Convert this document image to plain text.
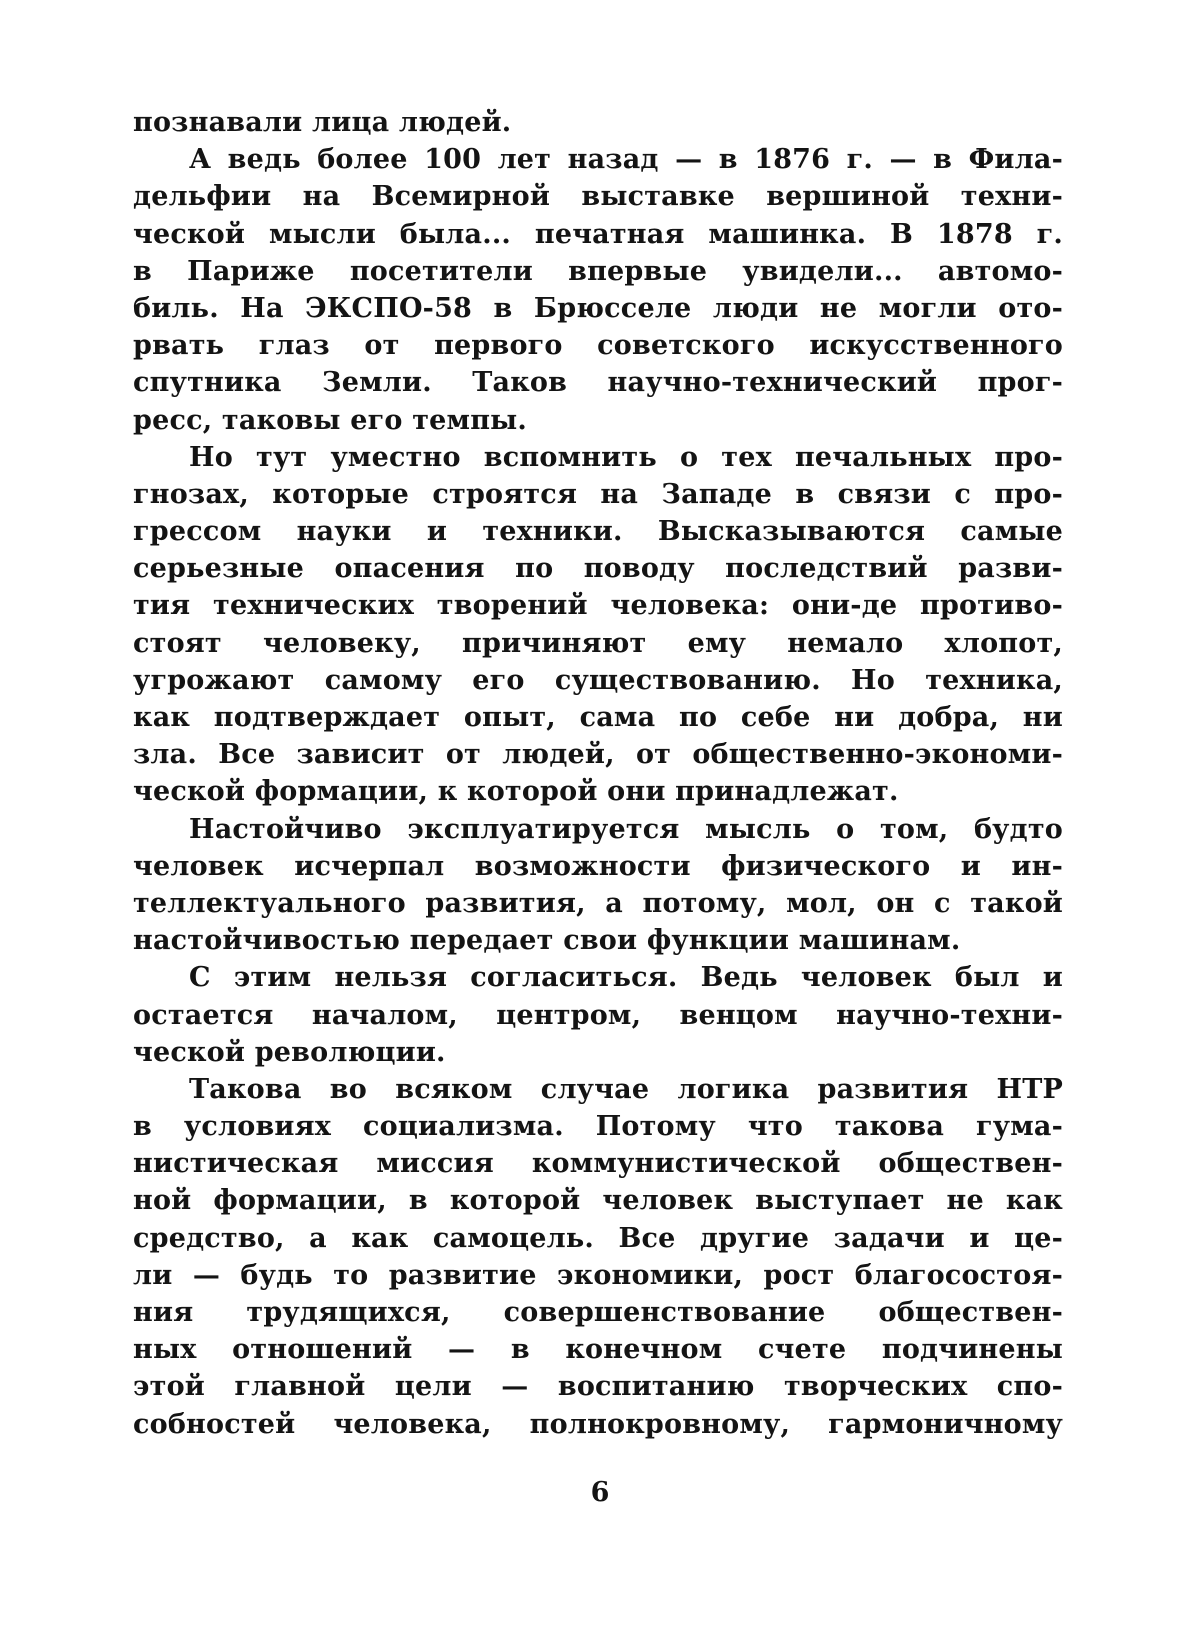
познавали лица людей.
А ведь более 100 лет назад — в 1876 г. — в Фила-
дельфии на Всемирной выставке вершиной техни-
ческой мысли была... печатная машинка. В 1878 г.
в Париже посетители впервые увидели... автомо-
биль. На ЭКСПО-58 в Брюсселе люди не могли ото-
рвать глаз от первого советского искусственного
спутника Земли. Таков научно-технический прог-
ресс, таковы его темпы.
Но тут уместно вспомнить о тех печальных про-
гнозах, которые строятся на Западе в связи с про-
грессом науки и техники. Высказываются самые
серьезные опасения по поводу последствий разви-
тия технических творений человека: они-де противо-
стоят человеку, причиняют ему немало хлопот,
угрожают самому его существованию. Но техника,
как подтверждает опыт, сама по себе ни добра, ни
зла. Все зависит от людей, от общественно-экономи-
ческой формации, к которой они принадлежат.
Настойчиво эксплуатируется мысль о том, будто
человек исчерпал возможности физического и ин-
теллектуального развития, а потому, мол, он с такой
настойчивостью передает свои функции машинам.
С этим нельзя согласиться. Ведь человек был и
остается началом, центром, венцом научно-техни-
ческой революции.
Такова во всяком случае логика развития НТР
в условиях социализма. Потому что такова гума-
нистическая миссия коммунистической обществен-
ной формации, в которой человек выступает не как
средство, а как самоцель. Все другие задачи и це-
ли — будь то развитие экономики, рост благосостоя-
ния трудящихся, совершенствование обществен-
ных отношений — в конечном счете подчинены
этой главной цели — воспитанию творческих спо-
собностей человека, полнокровному, гармоничному
6
